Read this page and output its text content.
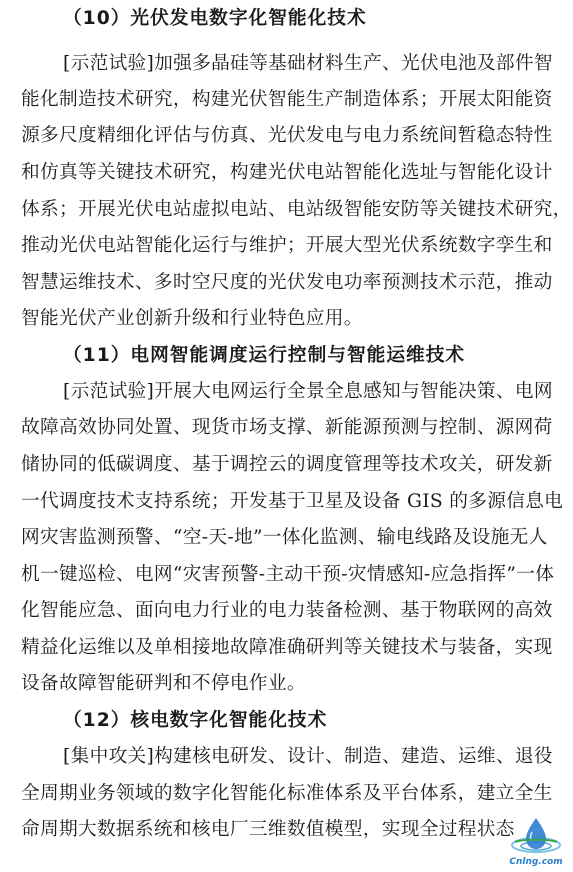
（10）光伏发电数字化智能化技术
[示范试验]加强多晶硅等基础材料生产、光伏电池及部件智
能化制造技术研究，构建光伏智能生产制造体系；开展太阳能资
源多尺度精细化评估与仿真、光伏发电与电力系统间暂稳态特性
和仿真等关键技术研究，构建光伏电站智能化选址与智能化设计
体系；开展光伏电站虚拟电站、电站级智能安防等关键技术研究，
推动光伏电站智能化运行与维护；开展大型光伏系统数字孪生和
智慧运维技术、多时空尺度的光伏发电功率预测技术示范，推动
智能光伏产业创新升级和行业特色应用。
（11）电网智能调度运行控制与智能运维技术
[示范试验]开展大电网运行全景全息感知与智能决策、电网
故障高效协同处置、现货市场支撑、新能源预测与控制、源网荷
储协同的低碳调度、基于调控云的调度管理等技术攻关，研发新
一代调度技术支持系统；开发基于卫星及设备 GIS 的多源信息电
网灾害监测预警、“空-天-地”一体化监测、输电线路及设施无人
机一键巡检、电网“灾害预警-主动干预-灾情感知-应急指挥”一体
化智能应急、面向电力行业的电力装备检测、基于物联网的高效
精益化运维以及单相接地故障准确研判等关键技术与装备，实现
设备故障智能研判和不停电作业。
（12）核电数字化智能化技术
[集中攻关]构建核电研发、设计、制造、建造、运维、退役
全周期业务领域的数字化智能化标准体系及平台体系，建立全生
命周期大数据系统和核电厂三维数值模型，实现全过程状态
Cnlng.com
